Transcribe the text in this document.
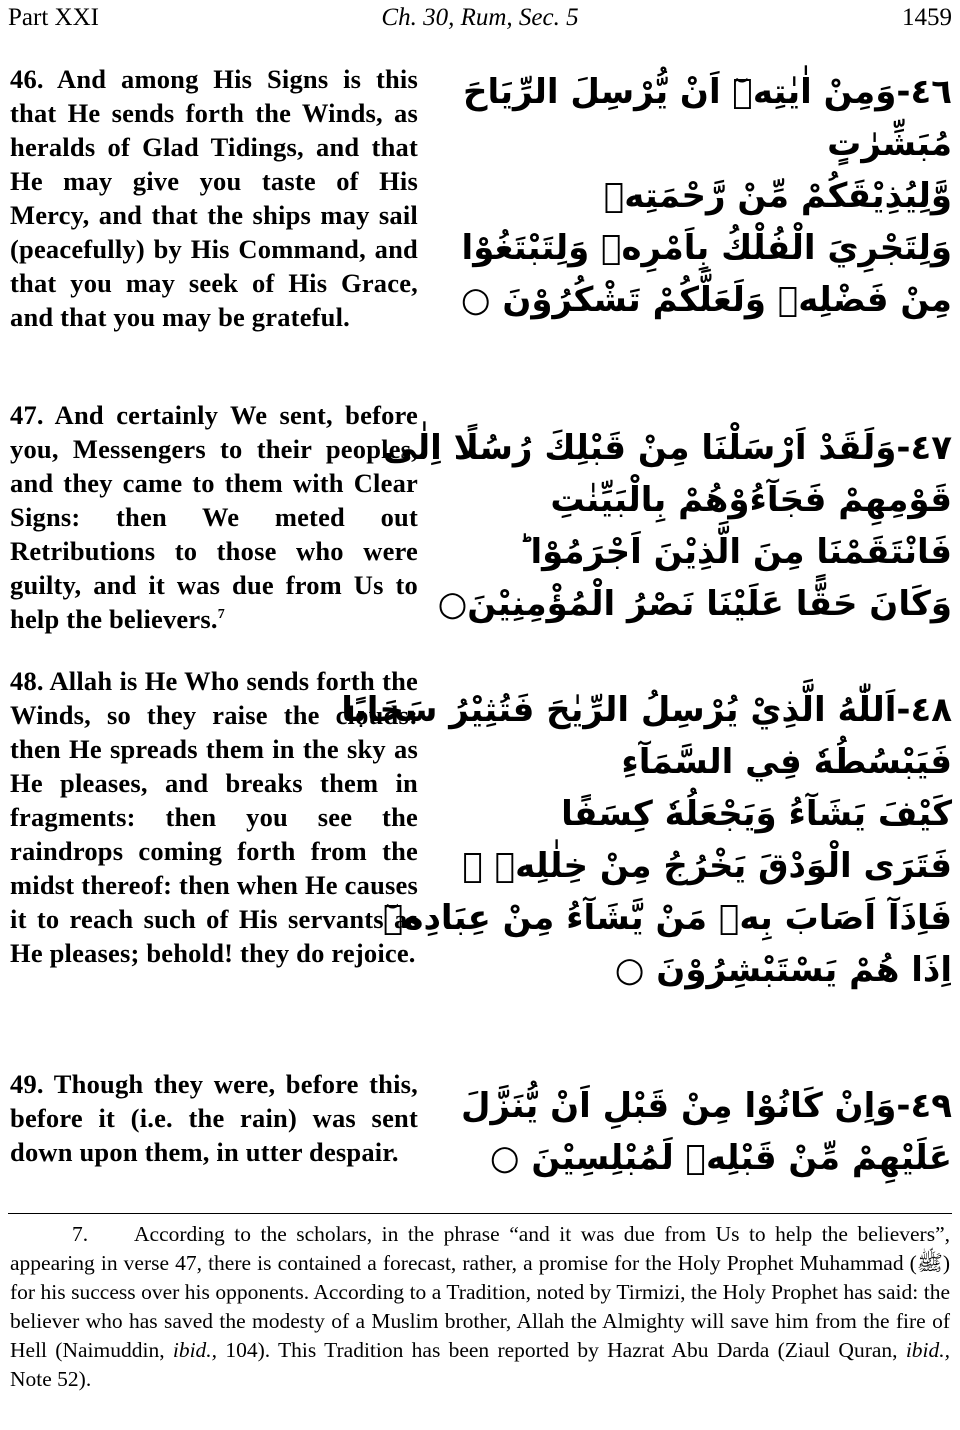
Part XXI	Ch. 30, Rum, Sec. 5	1459
46. And among His Signs is this that He sends forth the Winds, as heralds of Glad Tidings, and that He may give you taste of His Mercy, and that the ships may sail (peacefully) by His Command, and that you may seek of His Grace, and that you may be grateful.
٤٦-وَمِنْ اٰيٰتِهٖٓ اَنْ يُّرْسِلَ الرِّيَاحَ
مُبَشِّرٰتٍ
وَّلِيُذِيْقَكُمْ مِّنْ رَّحْمَتِهٖ
وَلِتَجْرِيَ الْفُلْكُ بِاَمْرِهٖ وَلِتَبْتَغُوْا
مِنْ فَضْلِهٖ وَلَعَلَّكُمْ تَشْكُرُوْنَ ○
47. And certainly We sent, before you, Messengers to their peoples, and they came to them with Clear Signs: then We meted out Retributions to those who were guilty, and it was due from Us to help the believers.$^7$
٤٧-وَلَقَدْ اَرْسَلْنَا مِنْ قَبْلِكَ رُسُلًا اِلٰى
قَوْمِهِمْ فَجَآءُوْهُمْ بِالْبَيِّنٰتِ
فَانْتَقَمْنَا مِنَ الَّذِيْنَ اَجْرَمُوْا ؕ
وَكَانَ حَقًّا عَلَيْنَا نَصْرُ الْمُؤْمِنِيْنَ○
48. Allah is He Who sends forth the Winds, so they raise the clouds: then He spreads them in the sky as He pleases, and breaks them in fragments: then you see the raindrops coming forth from the midst thereof: then when He causes it to reach such of His servants as He pleases; behold! they do rejoice.
٤٨-اَللّٰهُ الَّذِيْ يُرْسِلُ الرِّيٰحَ فَتُثِيْرُ سَحَابًا
فَيَبْسُطُهٗ فِي السَّمَآءِ
كَيْفَ يَشَآءُ وَيَجْعَلُهٗ كِسَفًا
فَتَرَى الْوَدْقَ يَخْرُجُ مِنْ خِلٰلِهٖ ۚ
فَاِذَآ اَصَابَ بِهٖ مَنْ يَّشَآءُ مِنْ عِبَادِهٖٓ
اِذَا هُمْ يَسْتَبْشِرُوْنَ ○
49. Though they were, before this, before it (i.e. the rain) was sent down upon them, in utter despair.
٤٩-وَاِنْ كَانُوْا مِنْ قَبْلِ اَنْ يُّنَزَّلَ
عَلَيْهِمْ مِّنْ قَبْلِهٖ لَمُبْلِسِيْنَ ○
7. According to the scholars, in the phrase “and it was due from Us to help the believers”, appearing in verse 47, there is contained a forecast, rather, a promise for the Holy Prophet Muhammad (ﷺ) for his success over his opponents. According to a Tradition, noted by Tirmizi, the Holy Prophet has said: the believer who has saved the modesty of a Muslim brother, Allah the Almighty will save him from the fire of Hell (Naimuddin, ibid., 104). This Tradition has been reported by Hazrat Abu Darda (Ziaul Quran, ibid., Note 52).
